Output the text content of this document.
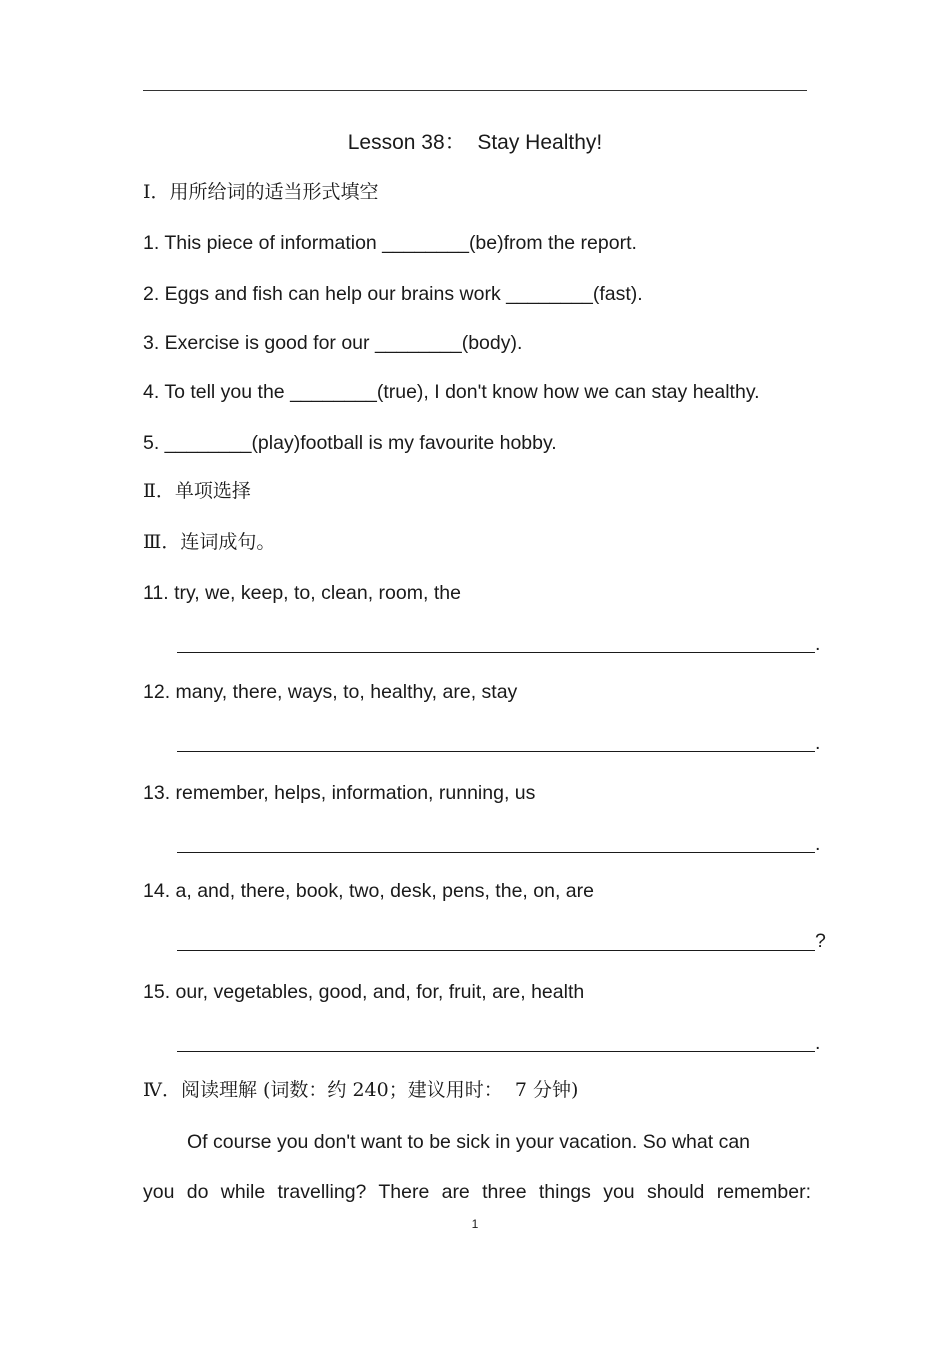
Lesson 38：  Stay Healthy!
Ⅰ．用所给词的适当形式填空
1. This piece of information ________(be)from the report.
2. Eggs and fish can help our brains work ________(fast).
3. Exercise is good for our ________(body).
4. To tell you the ________(true), I don't know how we can stay healthy.
5. ________(play)football is my favourite hobby.
Ⅱ．单项选择
Ⅲ．连词成句。
11. try, we, keep, to, clean, room, the
.
12. many, there, ways, to, healthy, are, stay
.
13. remember, helps, information, running, us
.
14. a, and, there, book, two, desk, pens, the, on, are
?
15. our, vegetables, good, and, for, fruit, are, health
.
Ⅳ．阅读理解 (词数：约 240；建议用时：  7 分钟)
Of course you don't want to be sick in your vacation. So what can
you do while travelling? There are three things you should remember:
1
